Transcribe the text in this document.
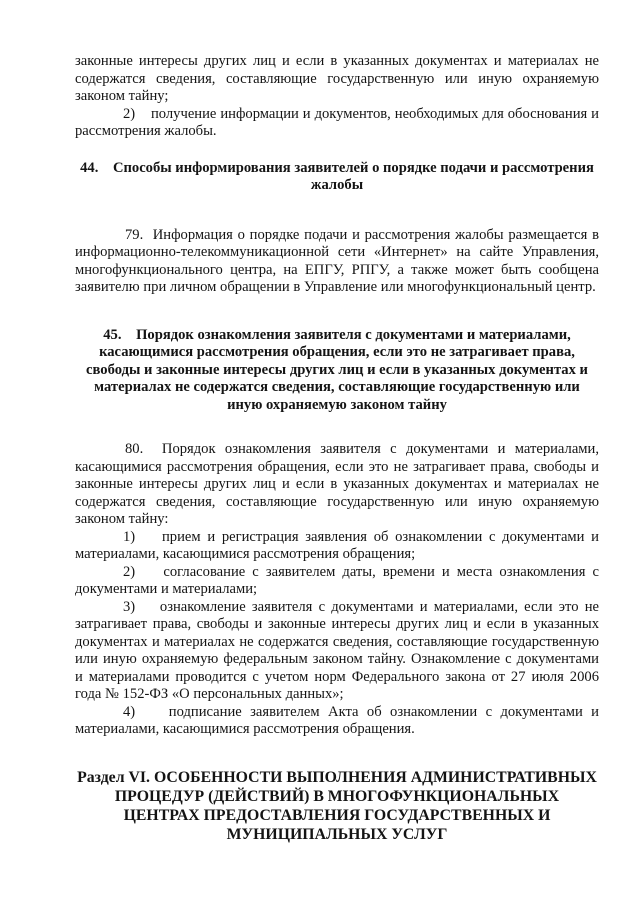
законные интересы других лиц и если в указанных документах и материалах не содержатся сведения, составляющие государственную или иную охраняемую законом тайну;

2)    получение информации и документов, необходимых для обоснования и рассмотрения жалобы.

44.    Способы информирования заявителей о порядке подачи и рассмотрения жалобы

79.  Информация о порядке подачи и рассмотрения жалобы размещается в информационно-телекоммуникационной сети «Интернет» на сайте Управления, многофункционального центра, на ЕПГУ, РПГУ, а также может быть сообщена заявителю при личном обращении в Управление или многофункциональный центр.

45.    Порядок ознакомления заявителя с документами и материалами, касающимися рассмотрения обращения, если это не затрагивает права, свободы и законные интересы других лиц и если в указанных документах и материалах не содержатся сведения, составляющие государственную или иную охраняемую законом тайну

80.  Порядок ознакомления заявителя с документами и материалами, касающимися рассмотрения обращения, если это не затрагивает права, свободы и законные интересы других лиц и если в указанных документах и материалах не содержатся сведения, составляющие государственную или иную охраняемую законом тайну:

1)    прием и регистрация заявления об ознакомлении с документами и материалами, касающимися рассмотрения обращения;

2)    согласование с заявителем даты, времени и места ознакомления с документами и материалами;

3)    ознакомление заявителя с документами и материалами, если это не затрагивает права, свободы и законные интересы других лиц и если в указанных документах и материалах не содержатся сведения, составляющие государственную или иную охраняемую федеральным законом тайну. Ознакомление с документами и материалами проводится с учетом норм Федерального закона от 27 июля 2006 года № 152-ФЗ «О персональных данных»;

4)    подписание заявителем Акта об ознакомлении с документами и материалами, касающимися рассмотрения обращения.

Раздел VI. ОСОБЕННОСТИ ВЫПОЛНЕНИЯ АДМИНИСТРАТИВНЫХ ПРОЦЕДУР (ДЕЙСТВИЙ) В МНОГОФУНКЦИОНАЛЬНЫХ ЦЕНТРАХ ПРЕДОСТАВЛЕНИЯ ГОСУДАРСТВЕННЫХ И МУНИЦИПАЛЬНЫХ УСЛУГ
